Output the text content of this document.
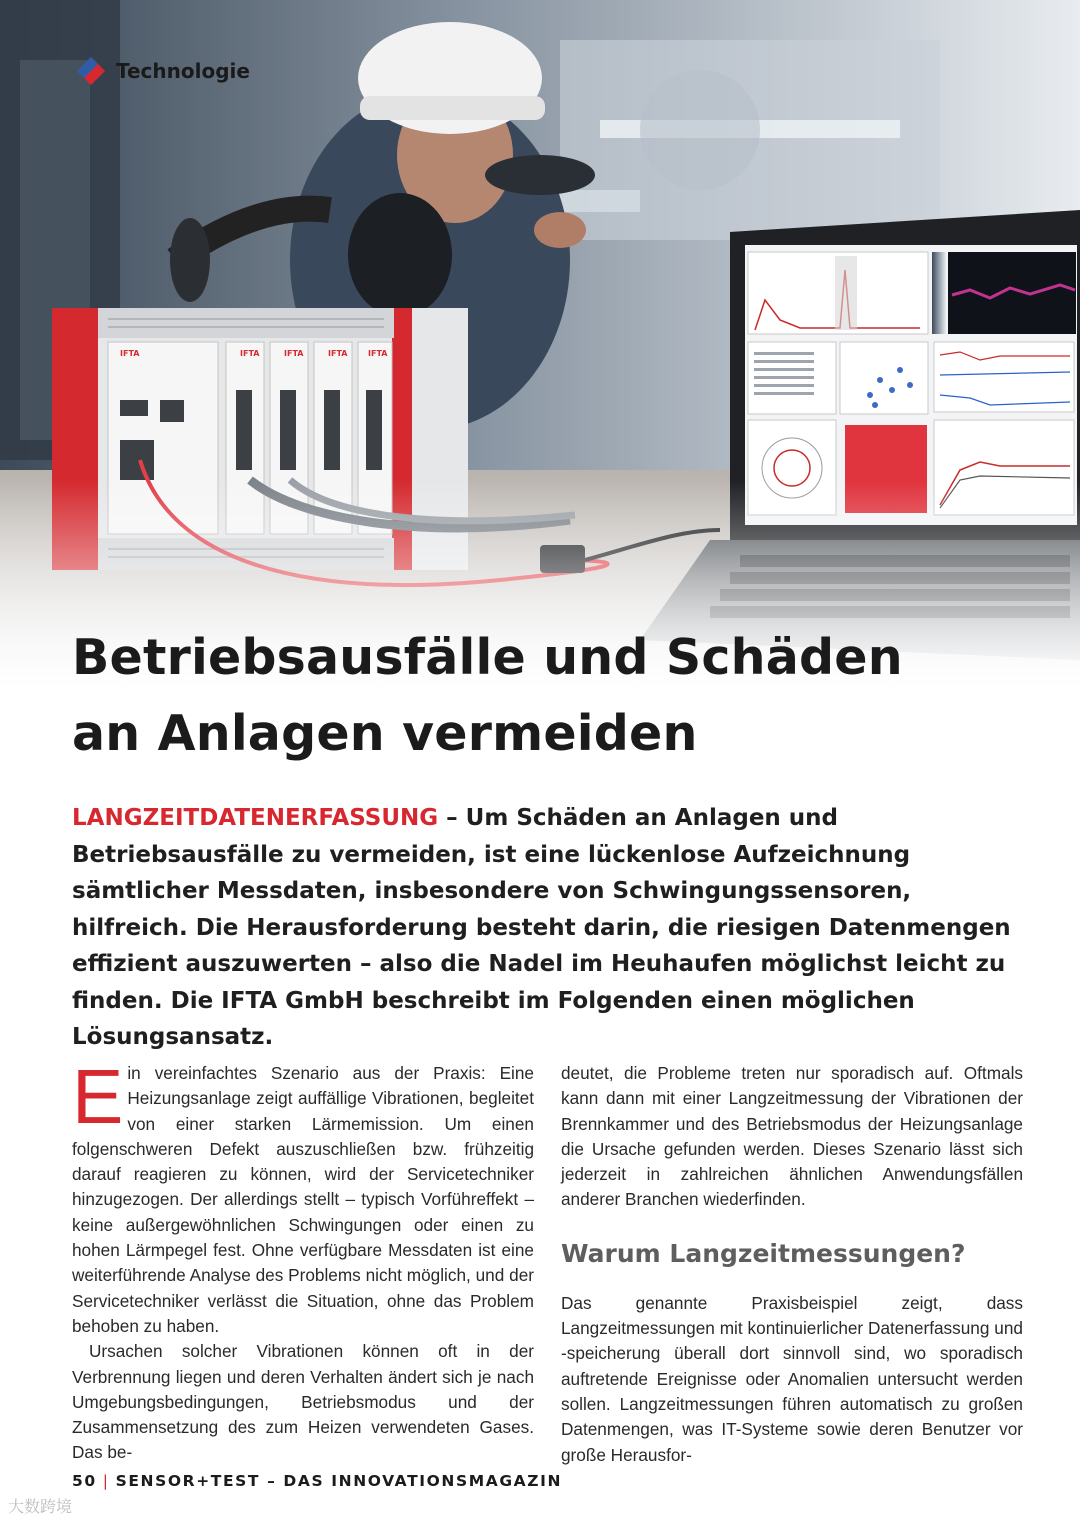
IFTA	IFTA	IFTA	IFTA	IFTA
Technologie
Betriebsausfälle und Schäden
an Anlagen vermeiden

LANGZEITDATENERFASSUNG – Um Schäden an Anlagen und Betriebsausfälle zu vermeiden, ist eine lückenlose Aufzeichnung sämtlicher Messdaten, insbesondere von Schwingungssensoren, hilfreich. Die Herausforderung besteht darin, die riesigen Datenmengen effizient auszuwerten – also die Nadel im Heuhaufen möglichst leicht zu finden. Die IFTA GmbH beschreibt im Folgenden einen möglichen Lösungsansatz.

Ein vereinfachtes Szenario aus der Praxis: Eine Heizungsanlage zeigt auffällige Vibrationen, begleitet von einer starken Lärmemission. Um einen folgenschweren Defekt auszuschließen bzw. frühzeitig darauf reagieren zu können, wird der Servicetechniker hinzugezogen. Der allerdings stellt – typisch Vorführeffekt – keine außergewöhnlichen Schwingungen oder einen zu hohen Lärmpegel fest. Ohne verfügbare Messdaten ist eine weiterführende Analyse des Problems nicht möglich, und der Servicetechniker verlässt die Situation, ohne das Problem behoben zu haben.

Ursachen solcher Vibrationen können oft in der Verbrennung liegen und deren Verhalten ändert sich je nach Umgebungsbedingungen, Betriebsmodus und der Zusammensetzung des zum Heizen verwendeten Gases. Das be-

deutet, die Probleme treten nur sporadisch auf. Oftmals kann dann mit einer Langzeitmessung der Vibrationen der Brennkammer und des Betriebsmodus der Heizungsanlage die Ursache gefunden werden. Dieses Szenario lässt sich jederzeit in zahlreichen ähnlichen Anwendungsfällen anderer Branchen wiederfinden.

Warum Langzeitmessungen?

Das genannte Praxisbeispiel zeigt, dass Langzeitmessungen mit kontinuierlicher Datenerfassung und -speicherung überall dort sinnvoll sind, wo sporadisch auftretende Ereignisse oder Anomalien untersucht werden sollen. Langzeitmessungen führen automatisch zu großen Datenmengen, was IT-Systeme sowie deren Benutzer vor große Herausfor-

50 | SENSOR+TEST – DAS INNOVATIONSMAGAZIN
大数跨境
